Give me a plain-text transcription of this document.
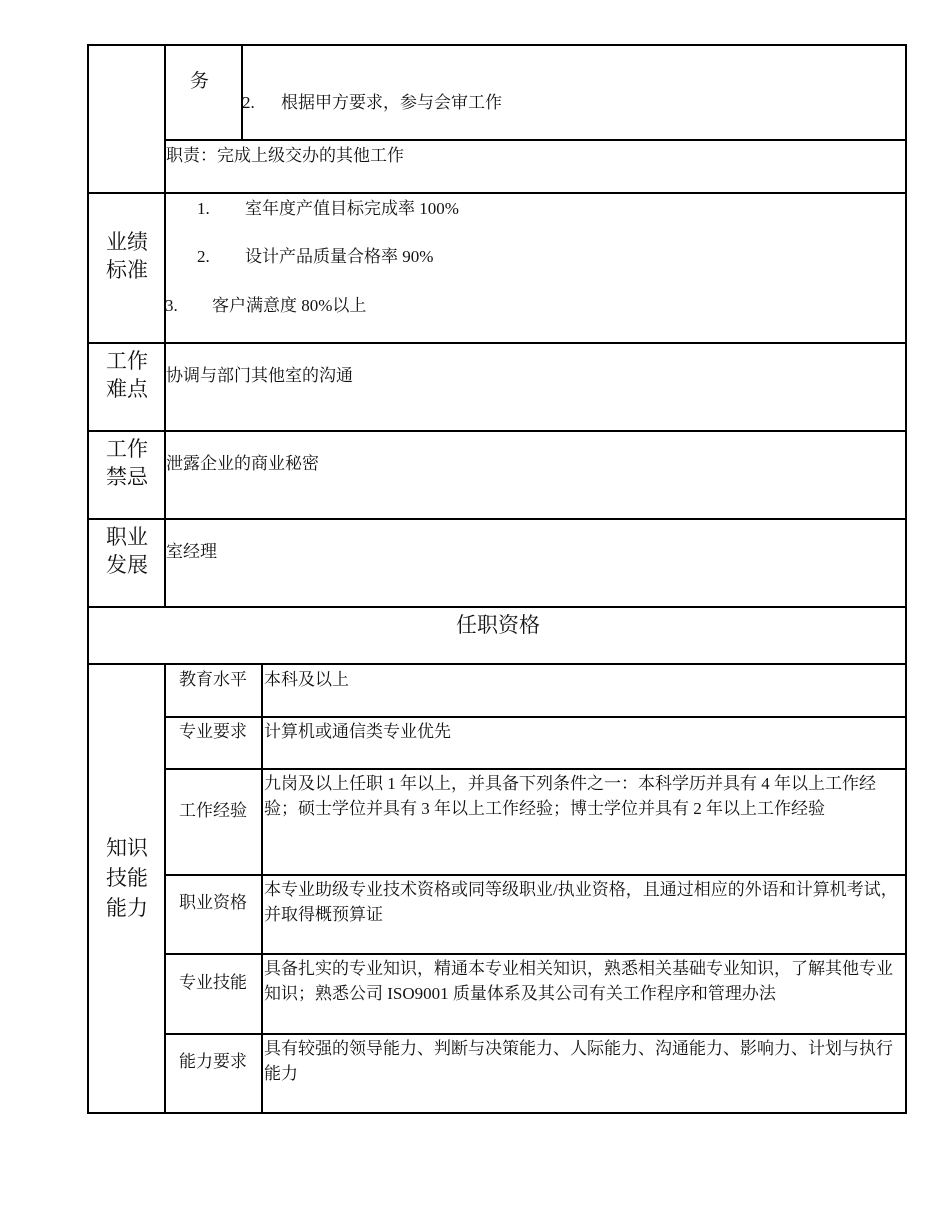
务
2. 根据甲方要求，参与会审工作
职责：完成上级交办的其他工作
业绩
标准
1. 室年度产值目标完成率 100%
2. 设计产品质量合格率 90%
3. 客户满意度 80%以上
工作
难点
协调与部门其他室的沟通
工作
禁忌
泄露企业的商业秘密
职业
发展
室经理
任职资格
知识
技能
能力
教育水平	本科及以上
专业要求	计算机或通信类专业优先
工作经验
九岗及以上任职 1 年以上，并具备下列条件之一：本科学历并具有 4 年以上工作经验；硕士学位并具有 3 年以上工作经验；博士学位并具有 2 年以上工作经验
职业资格
本专业助级专业技术资格或同等级职业/执业资格，且通过相应的外语和计算机考试，并取得概预算证
专业技能
具备扎实的专业知识，精通本专业相关知识，熟悉相关基础专业知识，了解其他专业知识；熟悉公司 ISO9001 质量体系及其公司有关工作程序和管理办法
能力要求
具有较强的领导能力、判断与决策能力、人际能力、沟通能力、影响力、计划与执行能力
